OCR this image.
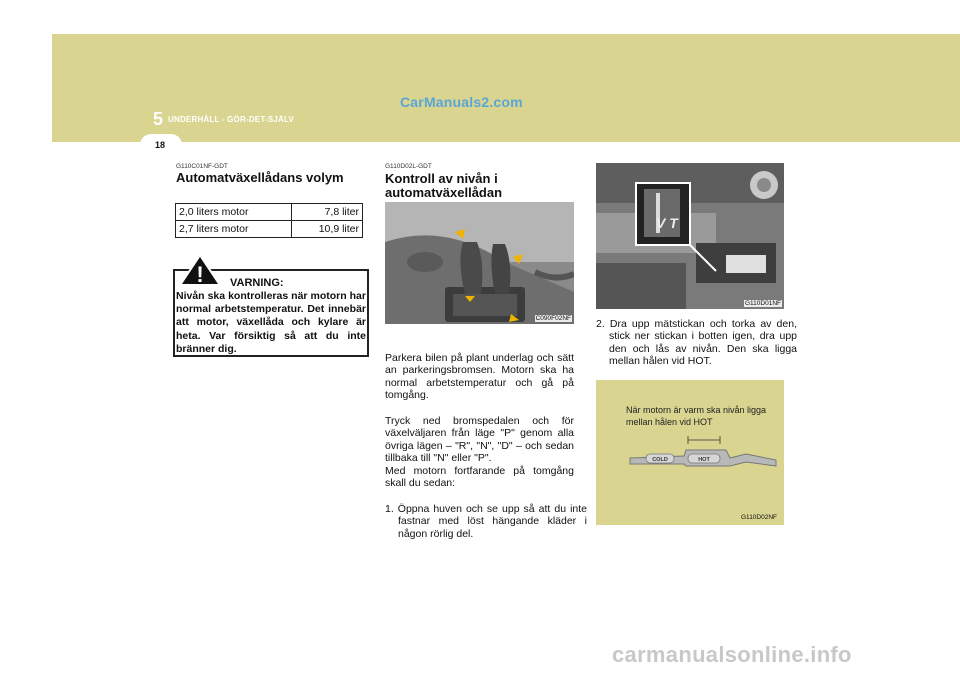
CarManuals2.com
5 UNDERHÅLL - GÖR-DET-SJÄLV
18
G110C01NF-GDT
Automatväxellådans volym
2,0 liters motor	7,8 liter
2,7 liters motor	10,9 liter
! VARNING:
Nivån ska kontrolleras när motorn har normal arbetstemperatur. Det innebär att motor, växellåda och kylare är heta. Var försiktig så att du inte bränner dig.
G110D02L-GDT
Kontroll av nivån i
automatväxellådan
C090F02NF
Parkera bilen på plant underlag och sätt an parkeringsbromsen. Motorn ska ha normal arbetstemperatur och gå på tomgång.
Tryck ned bromspedalen och för växelväljaren från läge "P" genom alla övriga lägen – "R", "N", "D" – och sedan tillbaka till "N" eller "P".
Med motorn fortfarande på tomgång skall du sedan:
1. Öppna huven och se upp så att du inte fastnar med löst hängande kläder i någon rörlig del.
V T
G110D01NF
2. Dra upp mätstickan och torka av den, stick ner stickan i botten igen, dra upp den och lås av nivån. Den ska ligga mellan hålen vid HOT.
När motorn är varm ska nivån ligga mellan hålen vid HOT
COLD	HOT
G110D02NF
carmanualsonline.info
